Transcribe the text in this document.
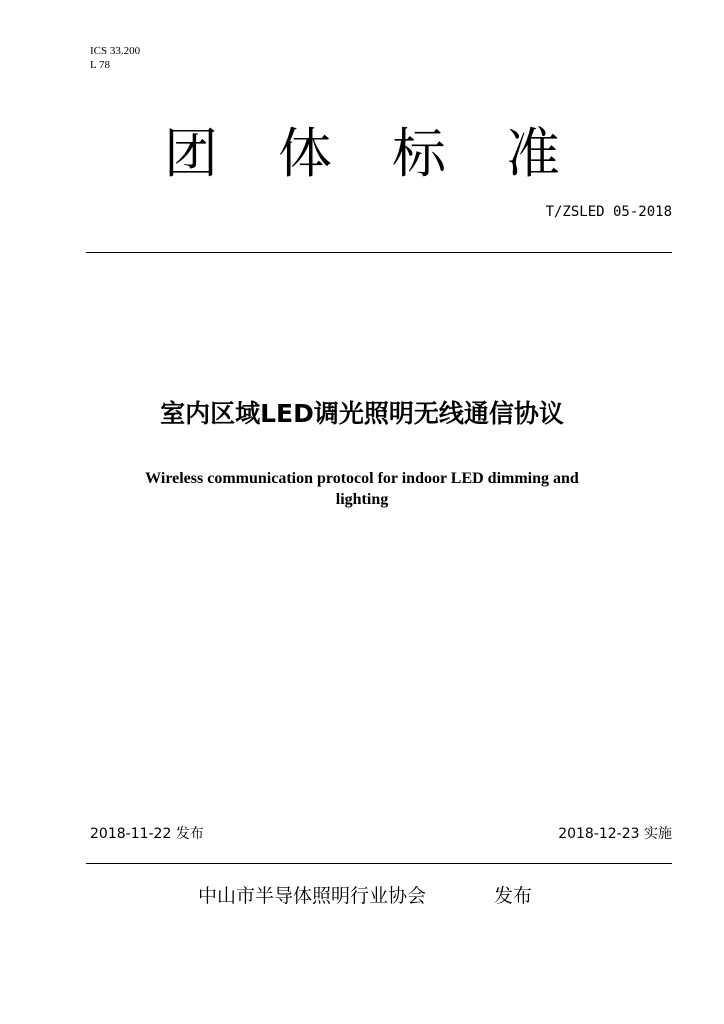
ICS 33.200
L 78
团 体 标 准
T/ZSLED 05-2018
室内区域LED调光照明无线通信协议
Wireless communication protocol for indoor LED dimming and
lighting
2018-11-22 发布	2018-12-23 实施
中山市半导体照明行业协会	发布
